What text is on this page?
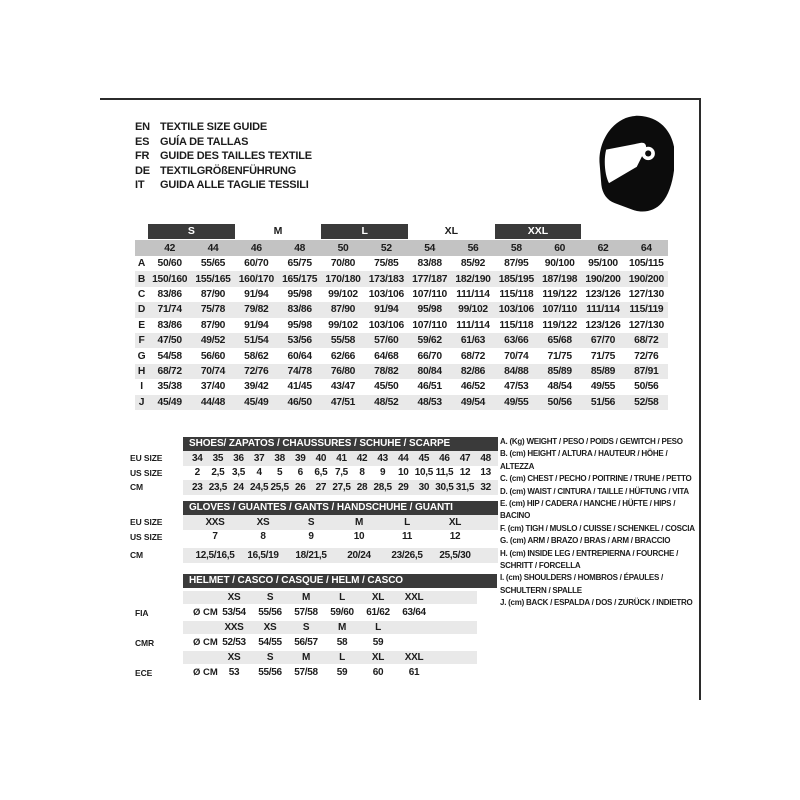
EN TEXTILE SIZE GUIDE
ES GUÍA DE TALLAS
FR GUIDE DES TAILLES TEXTILE
DE TEXTILGRÖßENFÜHRUNG
IT	GUIDA ALLE TAGLIE TESSILI
S	M	L	XL	XXL
42	44	46	48	50	52	54	56	58	60	62	64
A	50/60	55/65	60/70	65/75	70/80	75/85	83/88	85/92	87/95	90/100	95/100	105/115
B 150/160 155/165 160/170 165/175 170/180 173/183 177/187 182/190 185/195 187/198 190/200 190/200
C	83/86	87/90	91/94	95/98	99/102	103/106 107/110 111/114 115/118 119/122 123/126 127/130
D	71/74	75/78	79/82	83/86	87/90	91/94	95/98	99/102	103/106 107/110 111/114 115/119
E	83/86	87/90	91/94	95/98	99/102	103/106 107/110 111/114 115/118 119/122 123/126 127/130
F	47/50	49/52	51/54	53/56	55/58	57/60	59/62	61/63	63/66	65/68	67/70	68/72
G	54/58	56/60	58/62	60/64	62/66	64/68	66/70	68/72	70/74	71/75	71/75	72/76
H	68/72	70/74	72/76	74/78	76/80	78/82	80/84	82/86	84/88	85/89	85/89	87/91
I	35/38	37/40	39/42	41/45	43/47	45/50	46/51	46/52	47/53	48/54	49/55	50/56
J	45/49	44/48	45/49	46/50	47/51	48/52	48/53	49/54	49/55	50/56	51/56	52/58
SHOES/ ZAPATOS / CHAUSSURES / SCHUHE / SCARPE
EU SIZE	34	35	36	37	38	39	40	41	42	43	44	45	46	47	48
US SIZE	2	2,5 3,5	4	5	6	6,5 7,5	8	9	10 10,5 11,5 12	13
CM	23 23,5 24 24,5 25,5 26	27 27,5 28 28,5 29	30 30,5 31,5 32
GLOVES / GUANTES / GANTS / HANDSCHUHE / GUANTI
EU SIZE	XXS	XS	S	M	L	XL
US SIZE	7	8	9	10	11	12
CM	12,5/16,5	16,5/19	18/21,5	20/24	23/26,5	25,5/30
HELMET / CASCO / CASQUE / HELM / CASCO
XS	S	M	L	XL	XXL
FIA	Ø CM 53/54	55/56	57/58	59/60	61/62	63/64
XXS	XS	S	M	L
CMR	Ø CM 52/53	54/55	56/57	58	59
XS	S	M	L	XL	XXL
ECE	Ø CM	53	55/56	57/58	59	60	61
A. (Kg) WEIGHT / PESO / POIDS / GEWITCH / PESO
B. (cm) HEIGHT / ALTURA / HAUTEUR / HÖHE / ALTEZZA
C. (cm) CHEST / PECHO / POITRINE / TRUHE / PETTO
D. (cm) WAIST / CINTURA / TAILLE / HÜFTUNG / VITA
E. (cm) HIP / CADERA / HANCHE / HÜFTE / HIPS / BACINO
F. (cm) TIGH / MUSLO / CUISSE / SCHENKEL / COSCIA
G. (cm) ARM / BRAZO / BRAS / ARM / BRACCIO
H. (cm) INSIDE LEG / ENTREPIERNA / FOURCHE / SCHRITT / FORCELLA
I. (cm) SHOULDERS / HOMBROS / ÉPAULES / SCHULTERN / SPALLE
J. (cm) BACK / ESPALDA / DOS / ZURÜCK / INDIETRO
